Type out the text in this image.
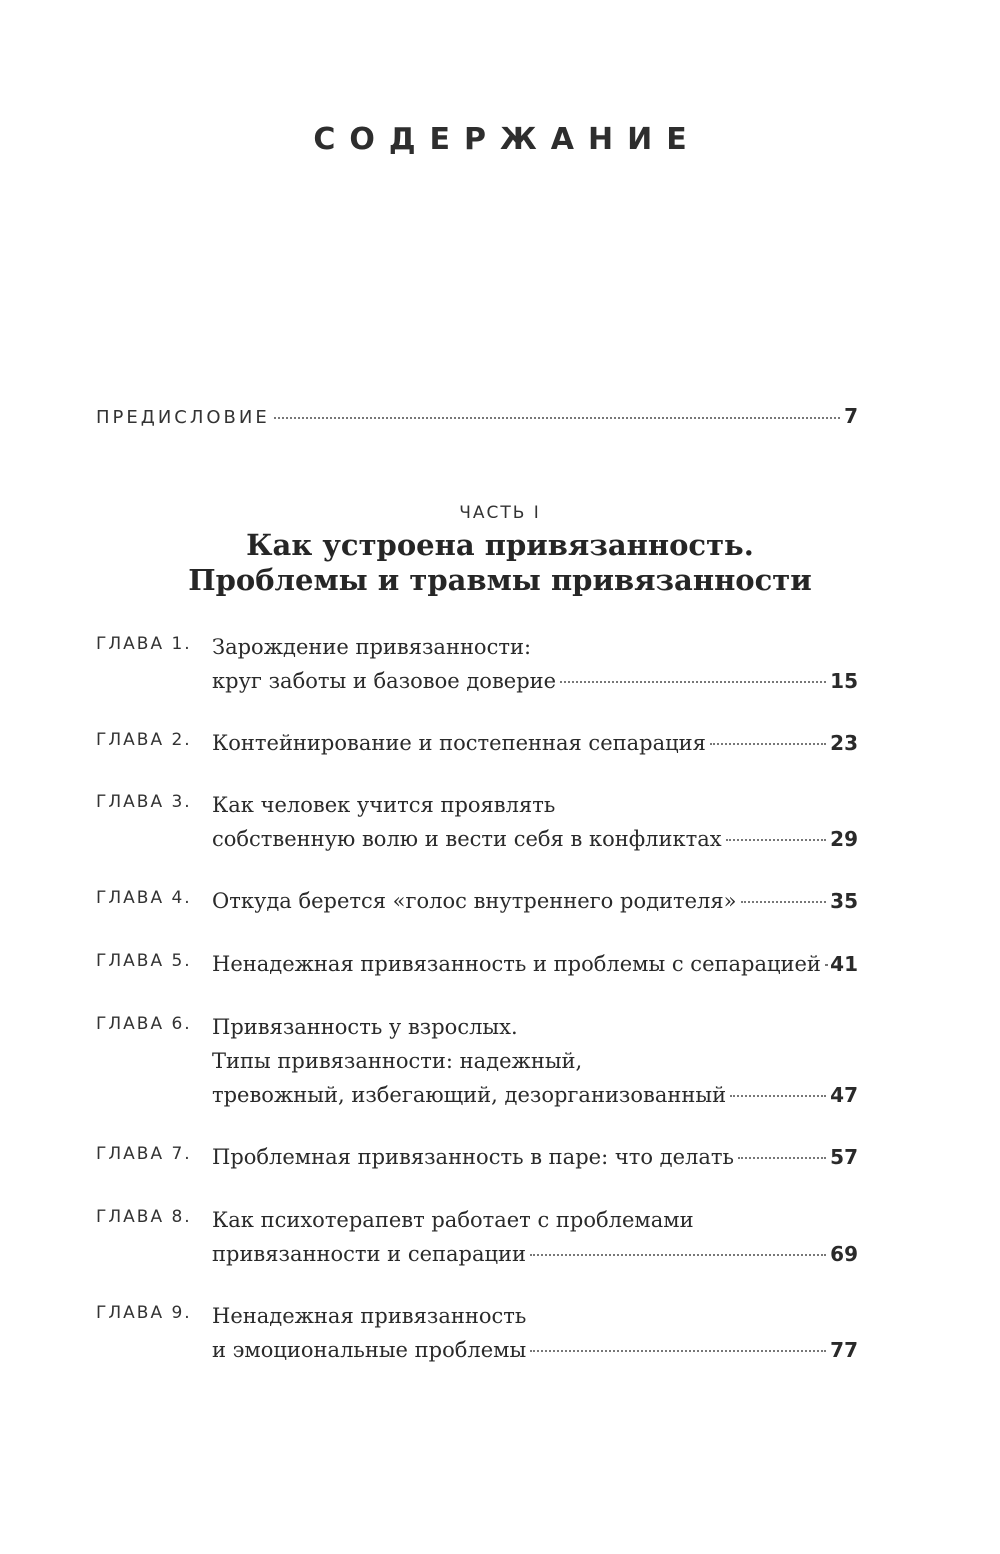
СОДЕРЖАНИЕ
ПРЕДИСЛОВИЕ	7
ЧАСТЬ I
Как устроена привязанность.
Проблемы и травмы привязанности
ГЛАВА 1. Зарождение привязанности:
круг заботы и базовое доверие	15
ГЛАВА 2. Контейнирование и постепенная сепарация	23
ГЛАВА 3. Как человек учится проявлять
собственную волю и вести себя в конфликтах	29
ГЛАВА 4. Откуда берется «голос внутреннего родителя»	35
ГЛАВА 5. Ненадежная привязанность и проблемы с сепарацией 41
ГЛАВА 6. Привязанность у взрослых.
Типы привязанности: надежный,
тревожный, избегающий, дезорганизованный	47
ГЛАВА 7. Проблемная привязанность в паре: что делать	57
ГЛАВА 8. Как психотерапевт работает с проблемами
привязанности и сепарации	69
ГЛАВА 9. Ненадежная привязанность
и эмоциональные проблемы	77
